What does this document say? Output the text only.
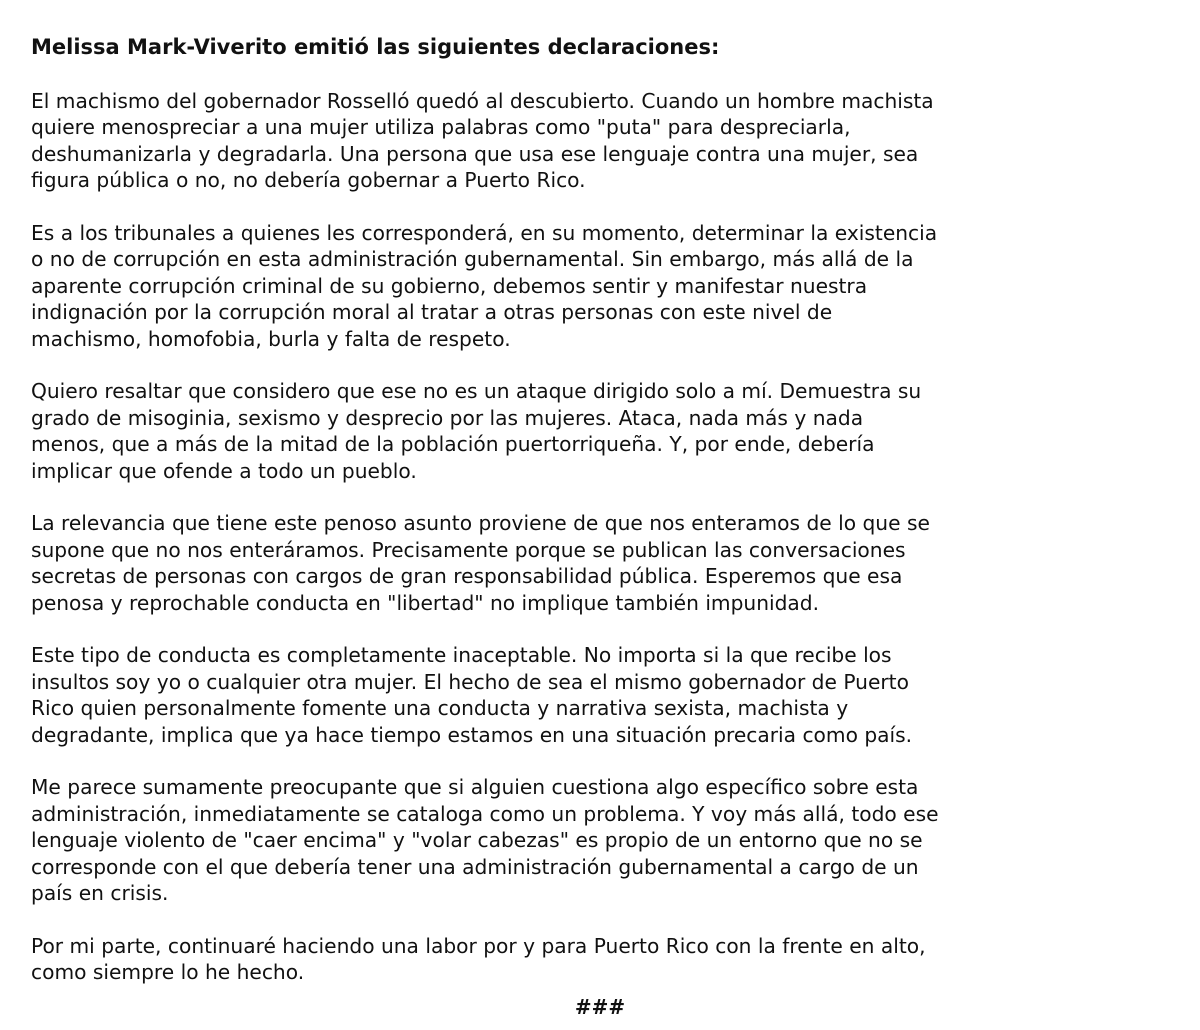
Melissa Mark-Viverito emitió las siguientes declaraciones:
El machismo del gobernador Rosselló quedó al descubierto. Cuando un hombre machista
quiere menospreciar a una mujer utiliza palabras como "puta" para despreciarla,
deshumanizarla y degradarla. Una persona que usa ese lenguaje contra una mujer, sea
figura pública o no, no debería gobernar a Puerto Rico.
Es a los tribunales a quienes les corresponderá, en su momento, determinar la existencia
o no de corrupción en esta administración gubernamental. Sin embargo, más allá de la
aparente corrupción criminal de su gobierno, debemos sentir y manifestar nuestra
indignación por la corrupción moral al tratar a otras personas con este nivel de
machismo, homofobia, burla y falta de respeto.
Quiero resaltar que considero que ese no es un ataque dirigido solo a mí. Demuestra su
grado de misoginia, sexismo y desprecio por las mujeres. Ataca, nada más y nada
menos, que a más de la mitad de la población puertorriqueña. Y, por ende, debería
implicar que ofende a todo un pueblo.
La relevancia que tiene este penoso asunto proviene de que nos enteramos de lo que se
supone que no nos enteráramos. Precisamente porque se publican las conversaciones
secretas de personas con cargos de gran responsabilidad pública. Esperemos que esa
penosa y reprochable conducta en "libertad" no implique también impunidad.
Este tipo de conducta es completamente inaceptable. No importa si la que recibe los
insultos soy yo o cualquier otra mujer. El hecho de sea el mismo gobernador de Puerto
Rico quien personalmente fomente una conducta y narrativa sexista, machista y
degradante, implica que ya hace tiempo estamos en una situación precaria como país.
Me parece sumamente preocupante que si alguien cuestiona algo específico sobre esta
administración, inmediatamente se cataloga como un problema. Y voy más allá, todo ese
lenguaje violento de "caer encima" y "volar cabezas" es propio de un entorno que no se
corresponde con el que debería tener una administración gubernamental a cargo de un
país en crisis.
Por mi parte, continuaré haciendo una labor por y para Puerto Rico con la frente en alto,
como siempre lo he hecho.
###
